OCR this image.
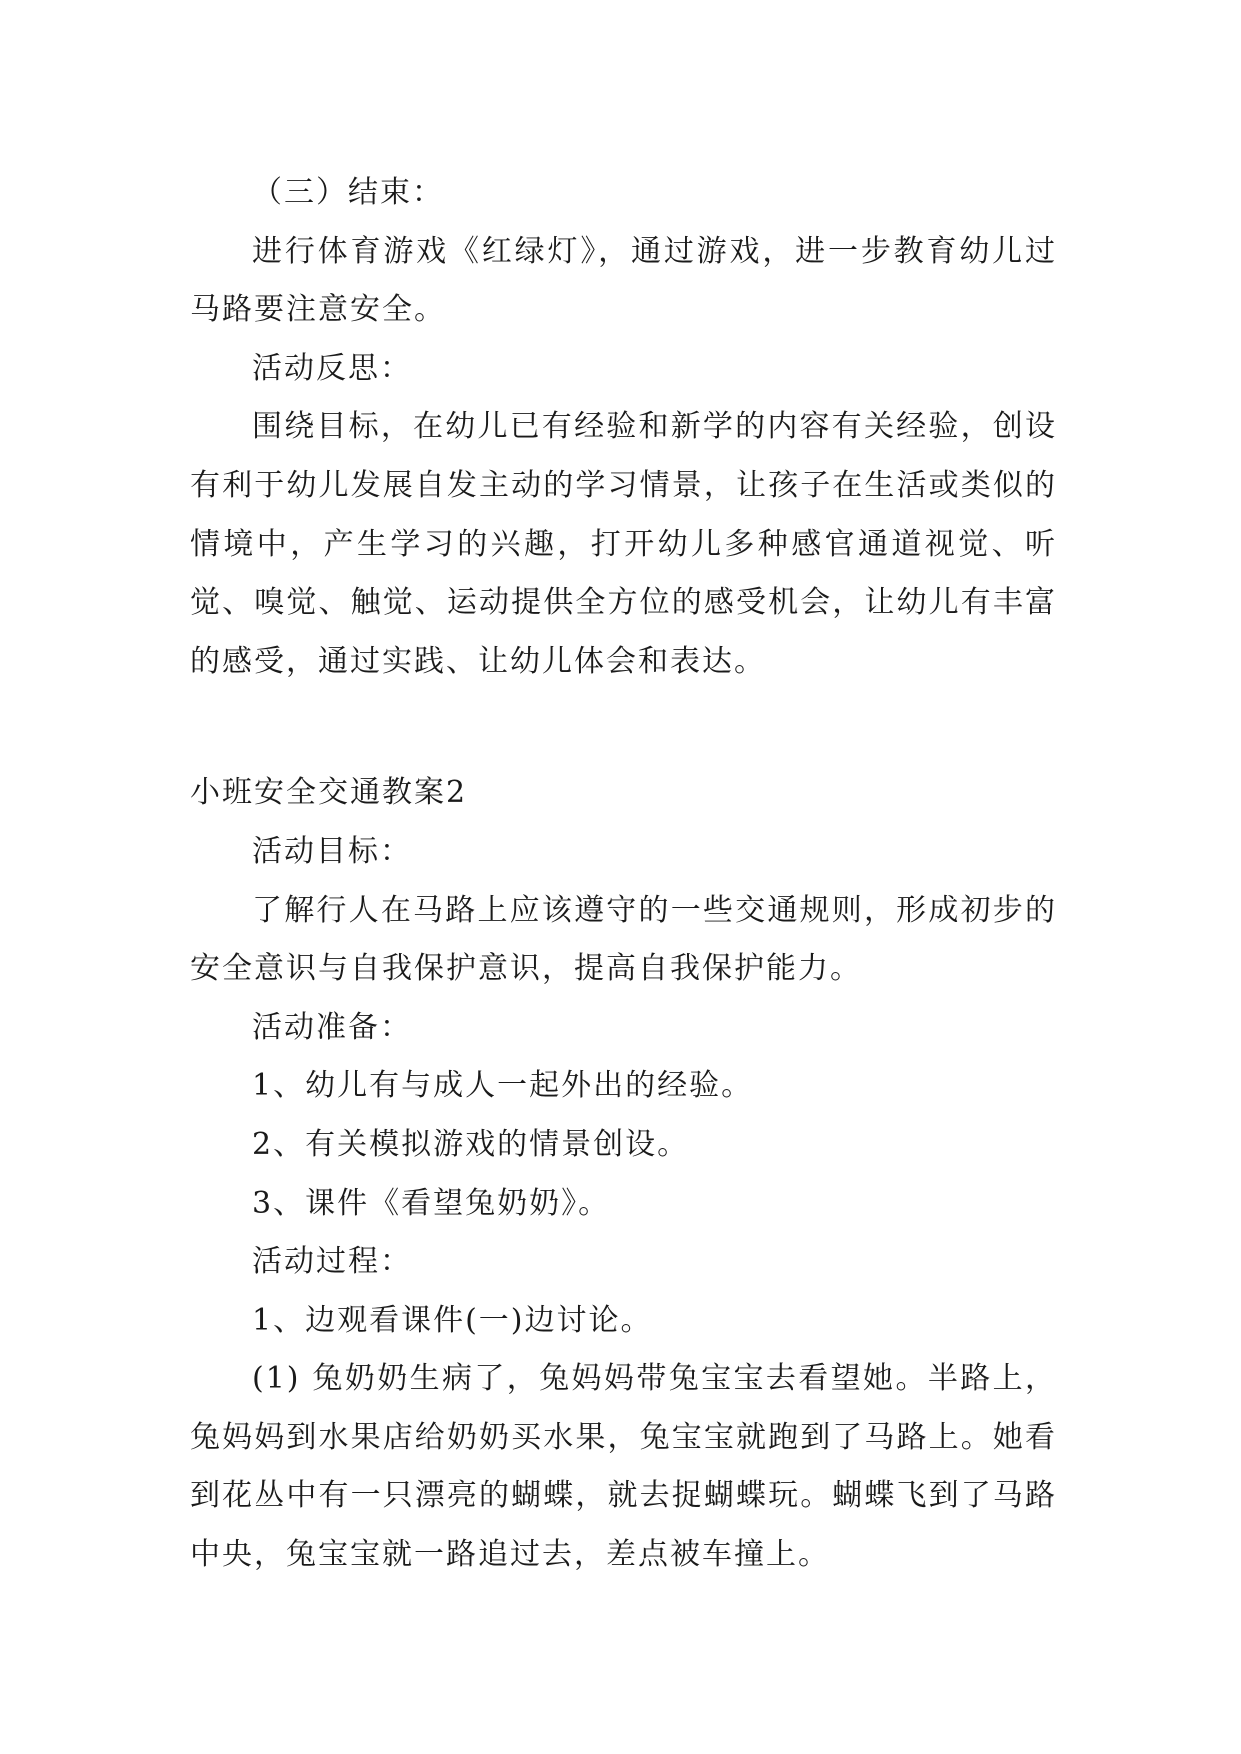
（三）结束：

进行体育游戏《红绿灯》，通过游戏，进一步教育幼儿过马路要注意安全。

活动反思：

围绕目标，在幼儿已有经验和新学的内容有关经验，创设有利于幼儿发展自发主动的学习情景，让孩子在生活或类似的情境中，产生学习的兴趣，打开幼儿多种感官通道视觉、听觉、嗅觉、触觉、运动提供全方位的感受机会，让幼儿有丰富的感受，通过实践、让幼儿体会和表达。

小班安全交通教案2

活动目标：

了解行人在马路上应该遵守的一些交通规则，形成初步的安全意识与自我保护意识，提高自我保护能力。

活动准备：

1、幼儿有与成人一起外出的经验。

2、有关模拟游戏的情景创设。

3、课件《看望兔奶奶》。

活动过程：

1、边观看课件(一)边讨论。

(1) 兔奶奶生病了，兔妈妈带兔宝宝去看望她。半路上，兔妈妈到水果店给奶奶买水果，兔宝宝就跑到了马路上。她看到花丛中有一只漂亮的蝴蝶，就去捉蝴蝶玩。蝴蝶飞到了马路中央，兔宝宝就一路追过去，差点被车撞上。
